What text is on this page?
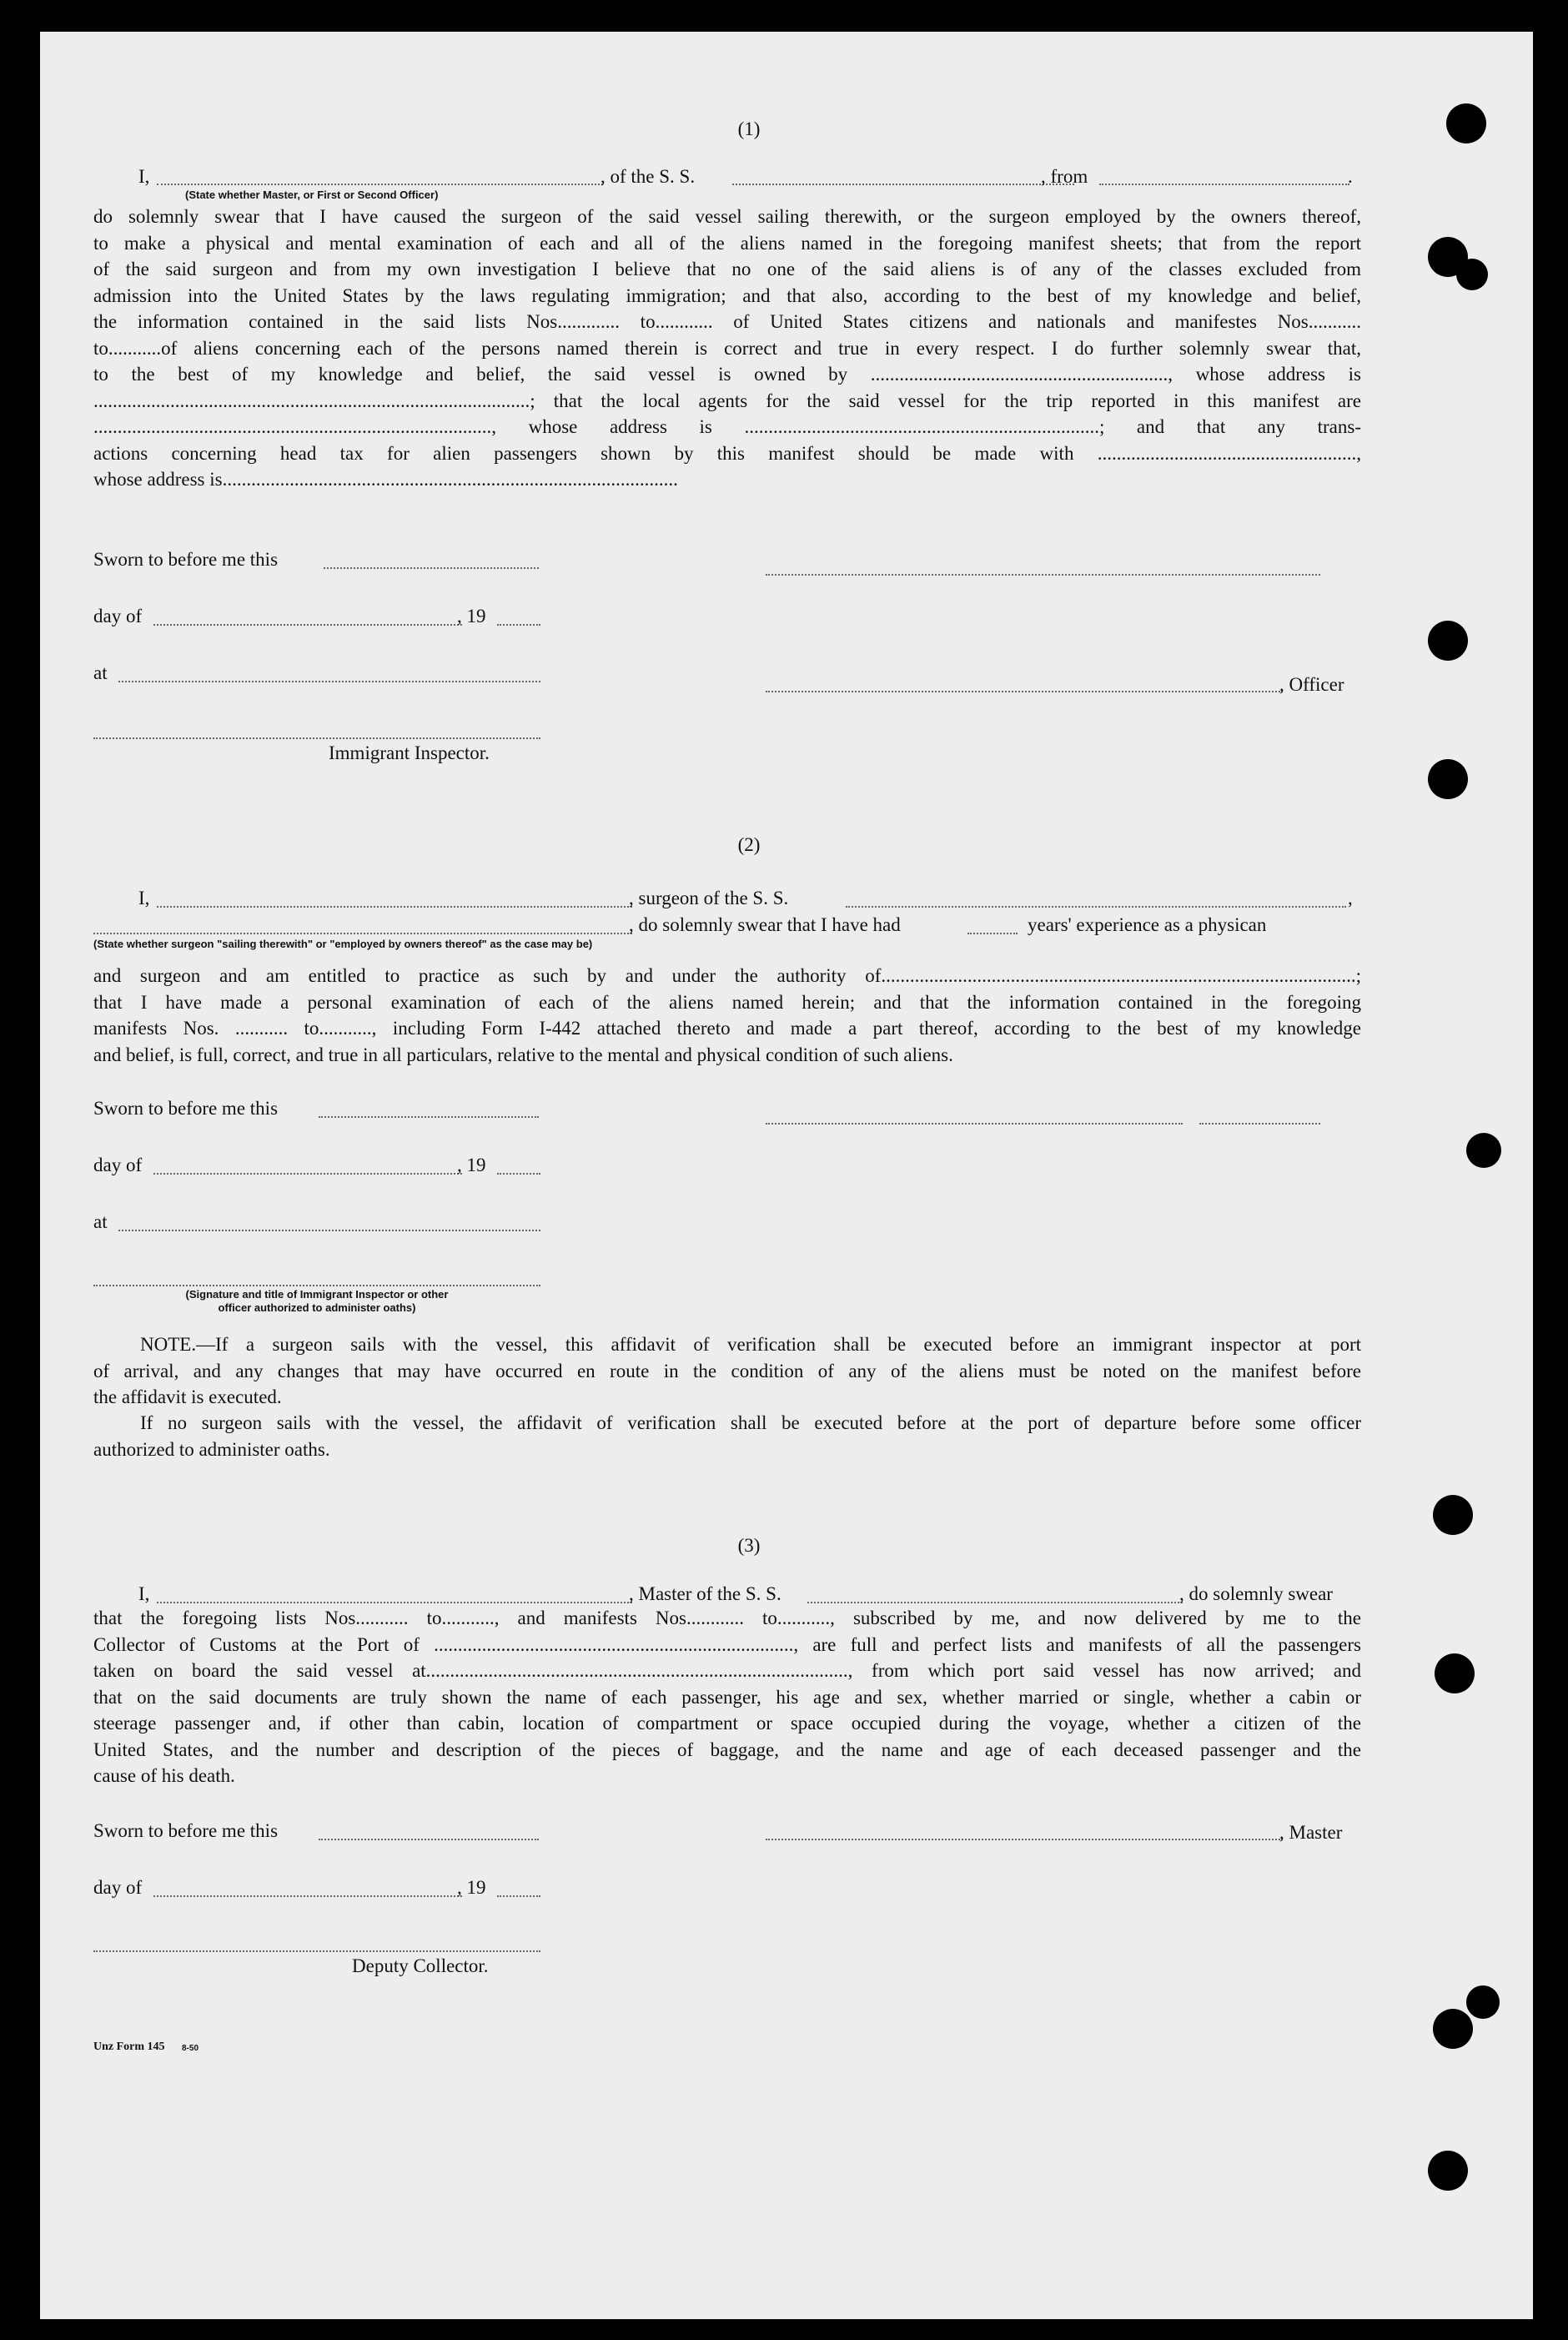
(1)
I,	, of the S. S.	, from	.
(State whether Master, or First or Second Officer)
do solemnly swear that I have caused the surgeon of the said vessel sailing therewith, or the surgeon employed by the owners thereof,
to make a physical and mental examination of each and all of the aliens named in the foregoing manifest sheets; that from the report
of the said surgeon and from my own investigation I believe that no one of the said aliens is of any of the classes excluded from
admission into the United States by the laws regulating immigration; and that also, according to the best of my knowledge and belief,
the information contained in the said lists Nos............. to............ of United States citizens and nationals and manifestes Nos...........
to...........of aliens concerning each of the persons named therein is correct and true in every respect. I do further solemnly swear that,
to the best of my knowledge and belief, the said vessel is owned by .............................................................., whose address is
...........................................................................................; that the local agents for the said vessel for the trip reported in this manifest are
..................................................................................., whose address is ..........................................................................; and that any trans-
actions concerning head tax for alien passengers shown by this manifest should be made with ......................................................,
whose address is...............................................................................................
Sworn to before me this
day of	, 19
at
, Officer
Immigrant Inspector.
(2)
I,	, surgeon of the S. S.	,
, do solemnly swear that I have had	years' experience as a physican
(State whether surgeon "sailing therewith" or "employed by owners thereof" as the case may be)
and surgeon and am entitled to practice as such by and under the authority of...................................................................................................;
that I have made a personal examination of each of the aliens named herein; and that the information contained in the foregoing
manifests Nos. ........... to..........., including Form I-442 attached thereto and made a part thereof, according to the best of my knowledge
and belief, is full, correct, and true in all particulars, relative to the mental and physical condition of such aliens.
Sworn to before me this
day of	, 19
at
(Signature and title of Immigrant Inspector or other
officer authorized to administer oaths)
NOTE.—If a surgeon sails with the vessel, this affidavit of verification shall be executed before an immigrant inspector at port
of arrival, and any changes that may have occurred en route in the condition of any of the aliens must be noted on the manifest before
the affidavit is executed.
If no surgeon sails with the vessel, the affidavit of verification shall be executed before at the port of departure before some officer
authorized to administer oaths.
(3)
I,	, Master of the S. S.	, do solemnly swear
that the foregoing lists Nos........... to..........., and manifests Nos............ to..........., subscribed by me, and now delivered by me to the
Collector of Customs at the Port of ..........................................................................., are full and perfect lists and manifests of all the passengers
taken on board the said vessel at........................................................................................, from which port said vessel has now arrived; and
that on the said documents are truly shown the name of each passenger, his age and sex, whether married or single, whether a cabin or
steerage passenger and, if other than cabin, location of compartment or space occupied during the voyage, whether a citizen of the
United States, and the number and description of the pieces of baggage, and the name and age of each deceased passenger and the
cause of his death.
Sworn to before me this	, Master
day of	, 19
Deputy Collector.
Unz Form 145 8-50
